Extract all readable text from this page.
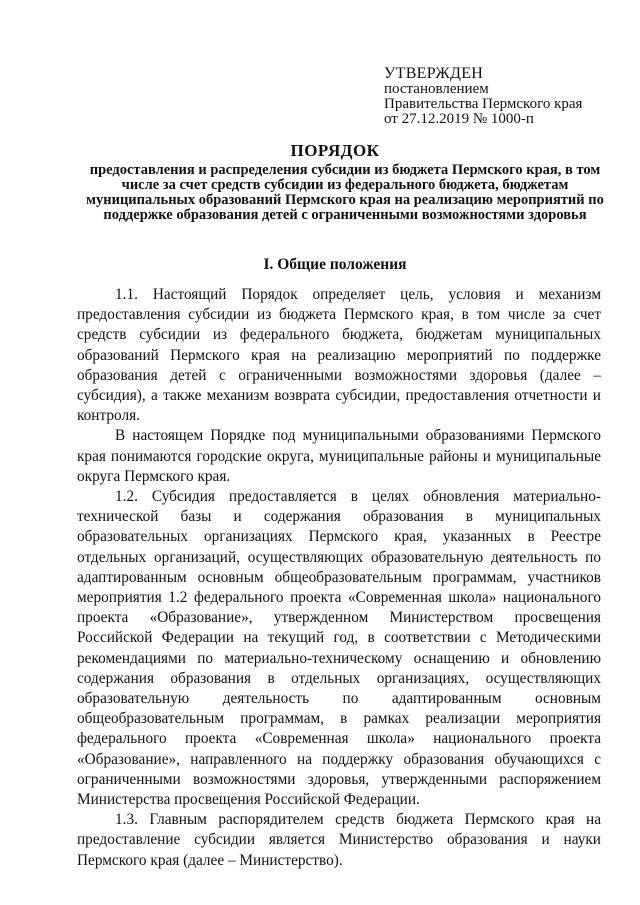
УТВЕРЖДЕН
постановлением
Правительства Пермского края
от 27.12.2019 № 1000-п
ПОРЯДОК
предоставления и распределения субсидии из бюджета Пермского края, в том числе за счет средств субсидии из федерального бюджета, бюджетам муниципальных образований Пермского края на реализацию мероприятий по поддержке образования детей с ограниченными возможностями здоровья
I. Общие положения

1.1. Настоящий Порядок определяет цель, условия и механизм предоставления субсидии из бюджета Пермского края, в том числе за счет средств субсидии из федерального бюджета, бюджетам муниципальных образований Пермского края на реализацию мероприятий по поддержке образования детей с ограниченными возможностями здоровья (далее – субсидия), а также механизм возврата субсидии, предоставления отчетности и контроля.

В настоящем Порядке под муниципальными образованиями Пермского края понимаются городские округа, муниципальные районы и муниципальные округа Пермского края.

1.2. Субсидия предоставляется в целях обновления материально-технической базы и содержания образования в муниципальных образовательных организациях Пермского края, указанных в Реестре отдельных организаций, осуществляющих образовательную деятельность по адаптированным основным общеобразовательным программам, участников мероприятия 1.2 федерального проекта «Современная школа» национального проекта «Образование», утвержденном Министерством просвещения Российской Федерации на текущий год, в соответствии с Методическими рекомендациями по материально-техническому оснащению и обновлению содержания образования в отдельных организациях, осуществляющих образовательную деятельность по адаптированным основным общеобразовательным программам, в рамках реализации мероприятия федерального проекта «Современная школа» национального проекта «Образование», направленного на поддержку образования обучающихся с ограниченными возможностями здоровья, утвержденными распоряжением Министерства просвещения Российской Федерации.

1.3. Главным распорядителем средств бюджета Пермского края на предоставление субсидии является Министерство образования и науки Пермского края (далее – Министерство).
